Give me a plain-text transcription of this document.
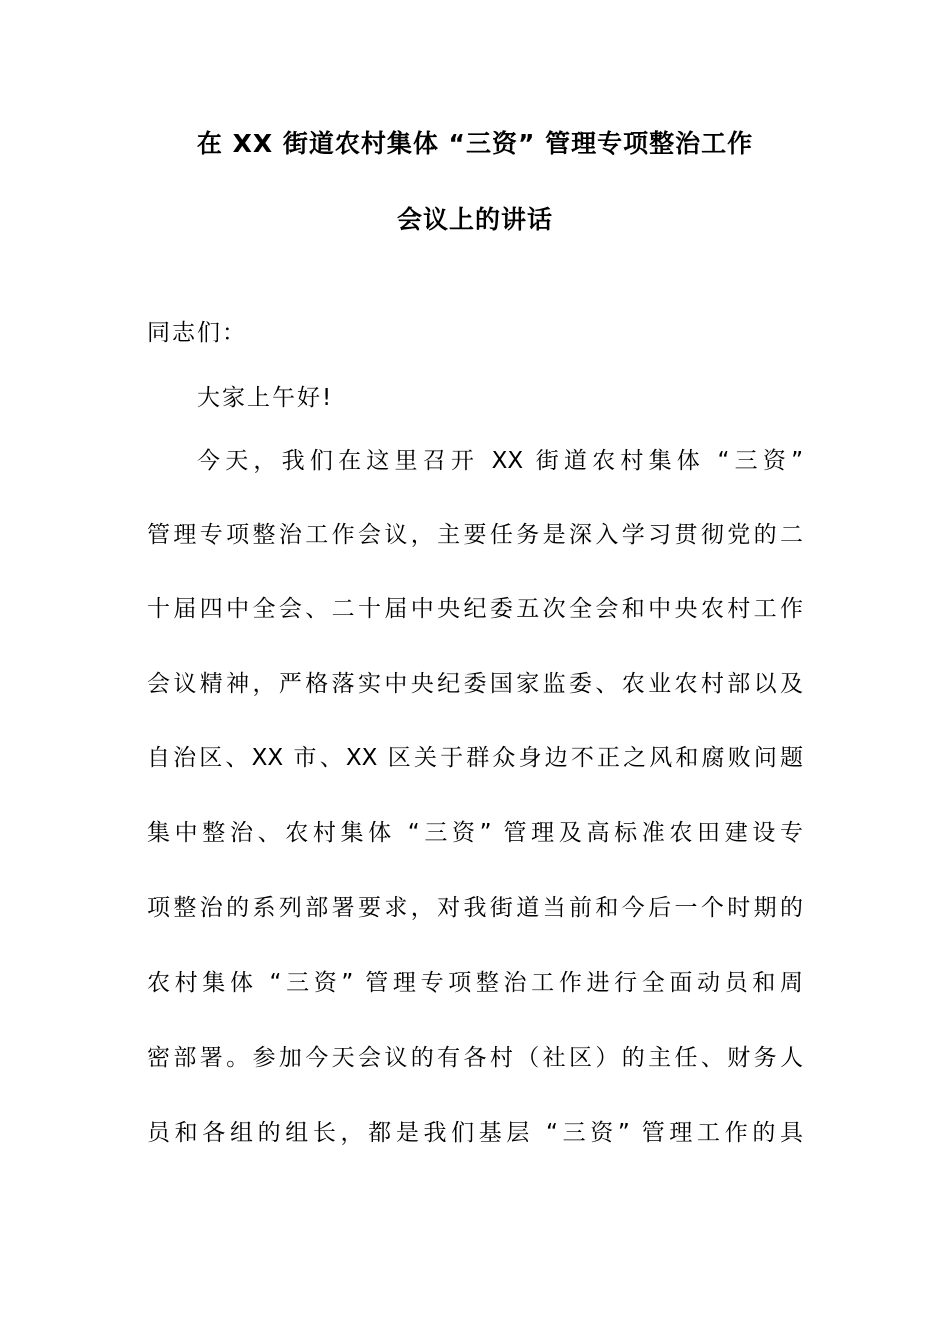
在 XX 街道农村集体 “三资” 管理专项整治工作
会议上的讲话
同志们：
大家上午好!
今天，我们在这里召开 XX 街道农村集体 “三资”
管理专项整治工作会议，主要任务是深入学习贯彻党的二
十届四中全会、二十届中央纪委五次全会和中央农村工作
会议精神，严格落实中央纪委国家监委、农业农村部以及
自治区、XX 市、XX 区关于群众身边不正之风和腐败问题
集中整治、农村集体 “三资” 管理及高标准农田建设专
项整治的系列部署要求，对我街道当前和今后一个时期的
农村集体 “三资” 管理专项整治工作进行全面动员和周
密部署。参加今天会议的有各村（社区）的主任、财务人
员和各组的组长，都是我们基层 “三资” 管理工作的具
